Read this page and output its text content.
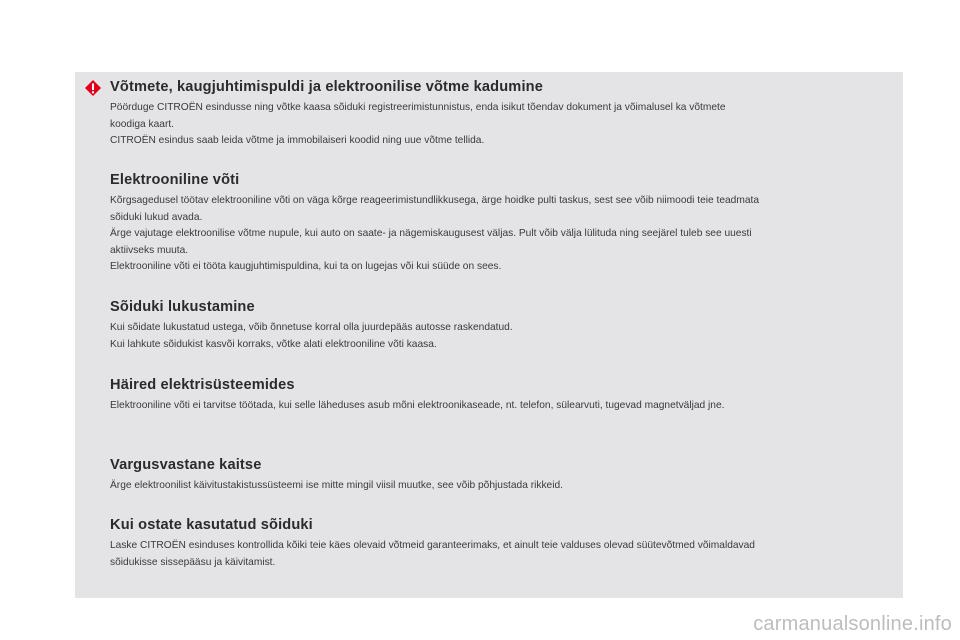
Võtmete, kaugjuhtimispuldi ja elektroonilise võtme kadumine

Pöörduge CITROËN esindusse ning võtke kaasa sõiduki registreerimistunnistus, enda isikut tõendav dokument ja võimalusel ka võtmete

koodiga kaart.

CITROËN esindus saab leida võtme ja immobilaiseri koodid ning uue võtme tellida.

Elektrooniline võti

Kõrgsagedusel töötav elektrooniline võti on väga kõrge reageerimistundlikkusega, ärge hoidke pulti taskus, sest see võib niimoodi teie teadmata

sõiduki lukud avada.

Ärge vajutage elektroonilise võtme nupule, kui auto on saate- ja nägemiskaugusest väljas. Pult võib välja lülituda ning seejärel tuleb see uuesti

aktiivseks muuta.

Elektrooniline võti ei tööta kaugjuhtimispuldina, kui ta on lugejas või kui süüde on sees.

Sõiduki lukustamine

Kui sõidate lukustatud ustega, võib õnnetuse korral olla juurdepääs autosse raskendatud.

Kui lahkute sõidukist kasvõi korraks, võtke alati elektrooniline võti kaasa.

Häired elektrisüsteemides

Elektrooniline võti ei tarvitse töötada, kui selle läheduses asub mõni elektroonikaseade, nt. telefon, sülearvuti, tugevad magnetväljad jne.

Vargusvastane kaitse

Ärge elektroonilist käivitustakistussüsteemi ise mitte mingil viisil muutke, see võib põhjustada rikkeid.

Kui ostate kasutatud sõiduki

Laske CITROËN esinduses kontrollida kõiki teie käes olevaid võtmeid garanteerimaks, et ainult teie valduses olevad süütevõtmed võimaldavad

sõidukisse sissepääsu ja käivitamist.

carmanualsonline.info
